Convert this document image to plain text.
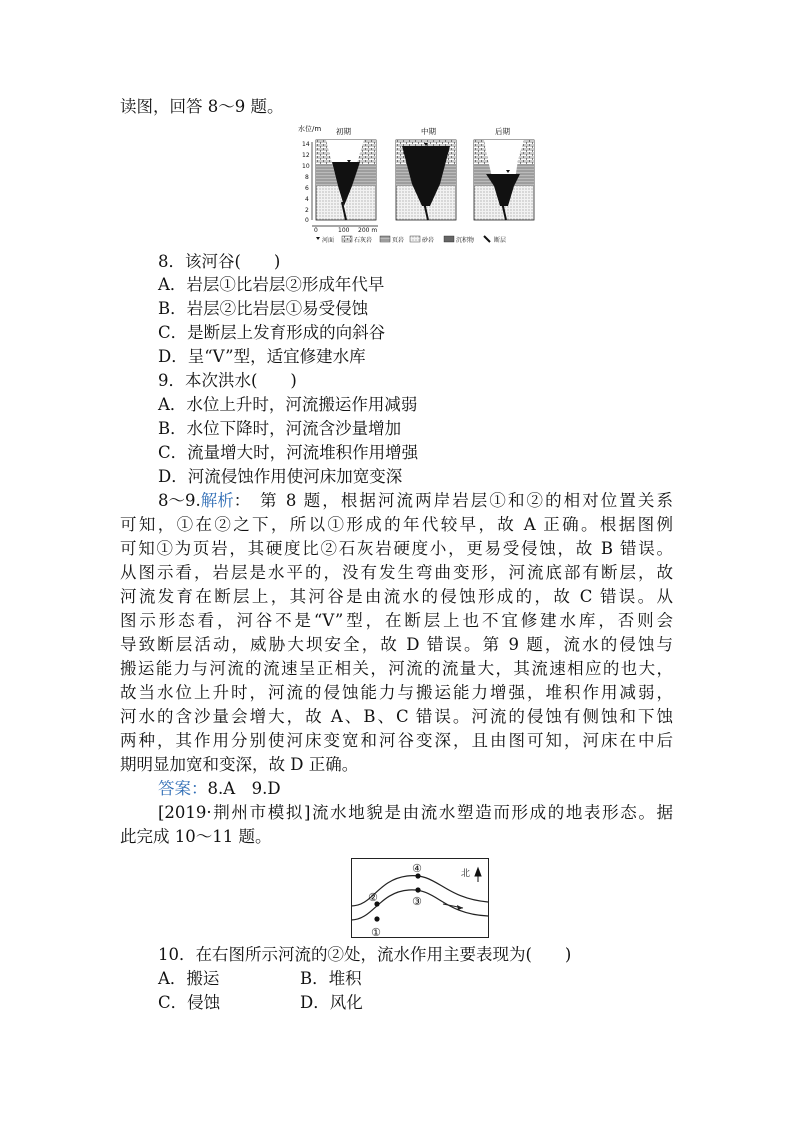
读图，回答 8～9 题。
水位/m
14
12
10
8
6
4
2
0
0	100 200 m
初期	中期	后期
河面	石灰岩	页岩	砂岩	沉积物	断层
8．该河谷(　　)
A．岩层①比岩层②形成年代早
B．岩层②比岩层①易受侵蚀
C．是断层上发育形成的向斜谷
D．呈“V”型，适宜修建水库
9．本次洪水(　　)
A．水位上升时，河流搬运作用减弱
B．水位下降时，河流含沙量增加
C．流量增大时，河流堆积作用增强
D．河流侵蚀作用使河床加宽变深
8～9.解析： 第 8 题，根据河流两岸岩层①和②的相对位置关系
可知，①在②之下，所以①形成的年代较早，故 A 正确。根据图例
可知①为页岩，其硬度比②石灰岩硬度小，更易受侵蚀，故 B 错误。
从图示看，岩层是水平的，没有发生弯曲变形，河流底部有断层，故
河流发育在断层上，其河谷是由流水的侵蚀形成的，故 C 错误。从
图示形态看，河谷不是“V”型，在断层上也不宜修建水库，否则会
导致断层活动，威胁大坝安全，故 D 错误。第 9 题，流水的侵蚀与
搬运能力与河流的流速呈正相关，河流的流量大，其流速相应的也大，
故当水位上升时，河流的侵蚀能力与搬运能力增强，堆积作用减弱，
河水的含沙量会增大，故 A、B、C 错误。河流的侵蚀有侧蚀和下蚀
两种，其作用分别使河床变宽和河谷变深，且由图可知，河床在中后
期明显加宽和变深，故 D 正确。
答案：8.A　9.D
[2019·荆州市模拟]流水地貌是由流水塑造而形成的地表形态。据
此完成 10～11 题。
①
②	③
④	北
10．在右图所示河流的②处，流水作用主要表现为(　　)
A．搬运	B．堆积
C．侵蚀	D．风化
